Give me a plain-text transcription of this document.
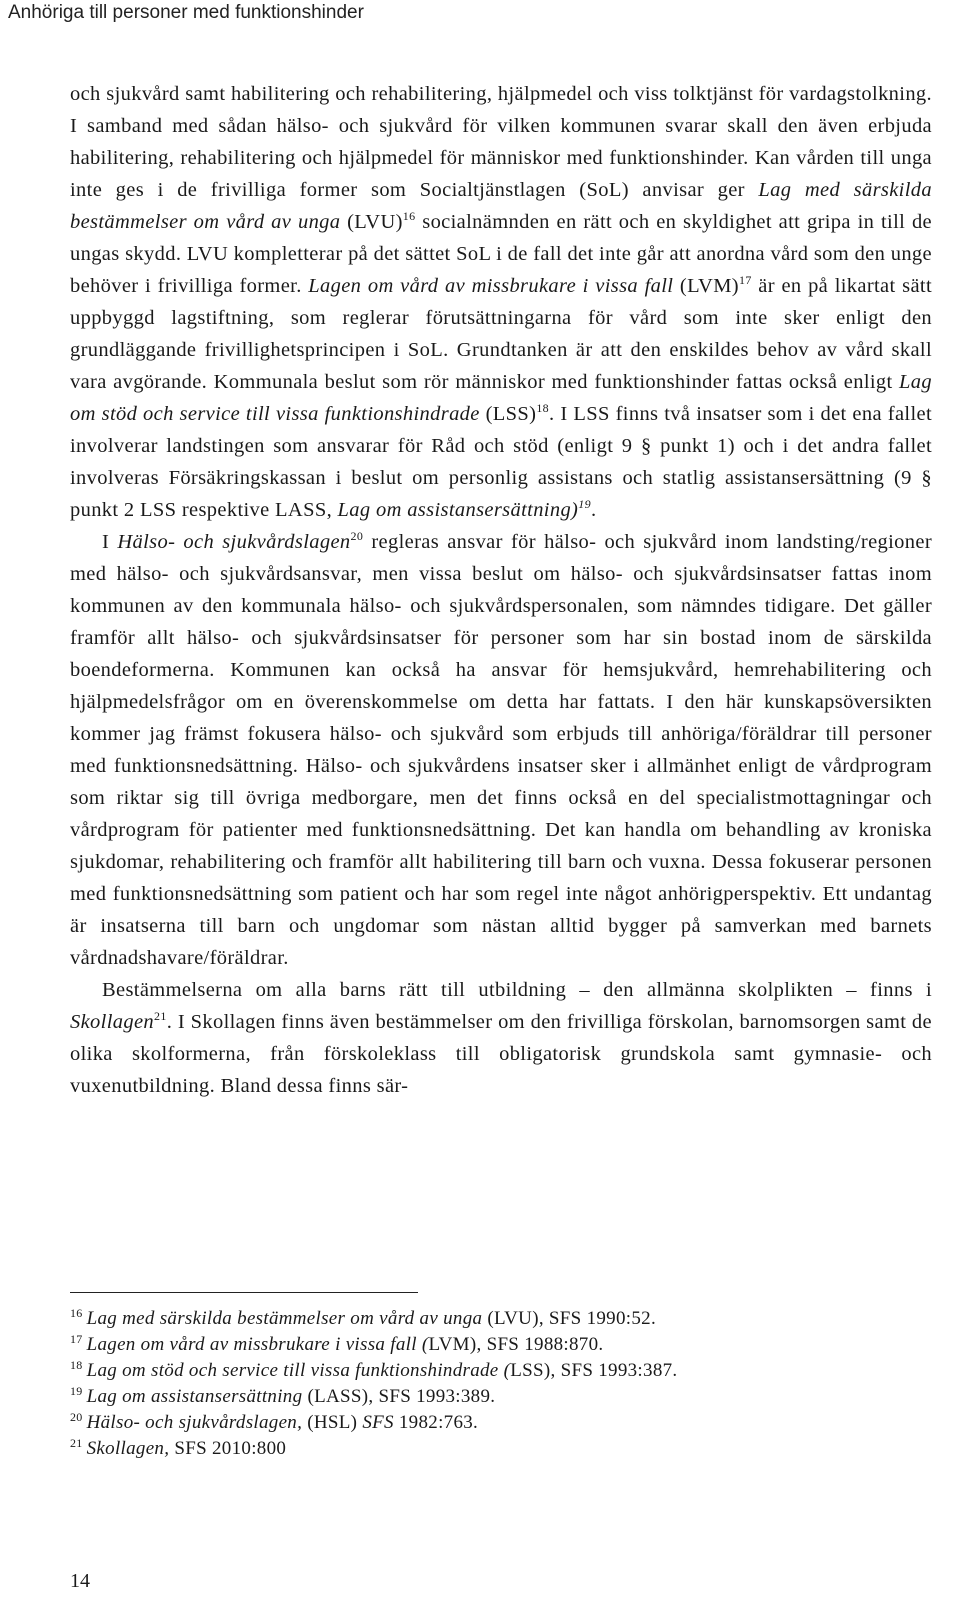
Anhöriga till personer med funktionshinder

och sjukvård samt habilitering och rehabilitering, hjälpmedel och viss tolktjänst för vardagstolkning. I samband med sådan hälso- och sjukvård för vilken kommunen svarar skall den även erbjuda habilitering, rehabilitering och hjälpmedel för människor med funktionshinder. Kan vården till unga inte ges i de frivilliga former som Socialtjänstlagen (SoL) anvisar ger Lag med särskilda bestämmelser om vård av unga (LVU)$^{16}$ socialnämnden en rätt och en skyldighet att gripa in till de ungas skydd. LVU kompletterar på det sättet SoL i de fall det inte går att anordna vård som den unge behöver i frivilliga former. Lagen om vård av missbrukare i vissa fall (LVM)$^{17}$ är en på likartat sätt uppbyggd lagstiftning, som reglerar förutsättningarna för vård som inte sker enligt den grundläggande frivillighetsprincipen i SoL. Grundtanken är att den enskildes behov av vård skall vara avgörande. Kommunala beslut som rör människor med funktionshinder fattas också enligt Lag om stöd och service till vissa funktionshindrade (LSS)$^{18}$. I LSS finns två insatser som i det ena fallet involverar landstingen som ansvarar för Råd och stöd (enligt 9 § punkt 1) och i det andra fallet involveras Försäkringskassan i beslut om personlig assistans och statlig assistansersättning (9 § punkt 2 LSS respektive LASS, Lag om assistansersättning)$^{19}$.

I Hälso- och sjukvårdslagen$^{20}$ regleras ansvar för hälso- och sjukvård inom landsting/regioner med hälso- och sjukvårdsansvar, men vissa beslut om hälso- och sjukvårdsinsatser fattas inom kommunen av den kommunala hälso- och sjukvårdspersonalen, som nämndes tidigare. Det gäller framför allt hälso- och sjukvårdsinsatser för personer som har sin bostad inom de särskilda boendeformerna. Kommunen kan också ha ansvar för hemsjukvård, hemrehabilitering och hjälpmedelsfrågor om en överenskommelse om detta har fattats. I den här kunskapsöversikten kommer jag främst fokusera hälso- och sjukvård som erbjuds till anhöriga/föräldrar till personer med funktionsnedsättning. Hälso- och sjukvårdens insatser sker i allmänhet enligt de vårdprogram som riktar sig till övriga medborgare, men det finns också en del specialistmottagningar och vårdprogram för patienter med funktionsnedsättning. Det kan handla om behandling av kroniska sjukdomar, rehabilitering och framför allt habilitering till barn och vuxna. Dessa fokuserar personen med funktionsnedsättning som patient och har som regel inte något anhörigperspektiv. Ett undantag är insatserna till barn och ungdomar som nästan alltid bygger på samverkan med barnets vårdnadshavare/föräldrar.

Bestämmelserna om alla barns rätt till utbildning – den allmänna skolplikten – finns i Skollagen$^{21}$. I Skollagen finns även bestämmelser om den frivilliga förskolan, barnomsorgen samt de olika skolformerna, från förskoleklass till obligatorisk grundskola samt gymnasie- och vuxenutbildning. Bland dessa finns sär-

$^{16}$ Lag med särskilda bestämmelser om vård av unga (LVU), SFS 1990:52.

$^{17}$ Lagen om vård av missbrukare i vissa fall (LVM), SFS 1988:870.

$^{18}$ Lag om stöd och service till vissa funktionshindrade (LSS), SFS 1993:387.

$^{19}$ Lag om assistansersättning (LASS), SFS 1993:389.

$^{20}$ Hälso- och sjukvårdslagen, (HSL) SFS 1982:763.

$^{21}$ Skollagen, SFS 2010:800

14
